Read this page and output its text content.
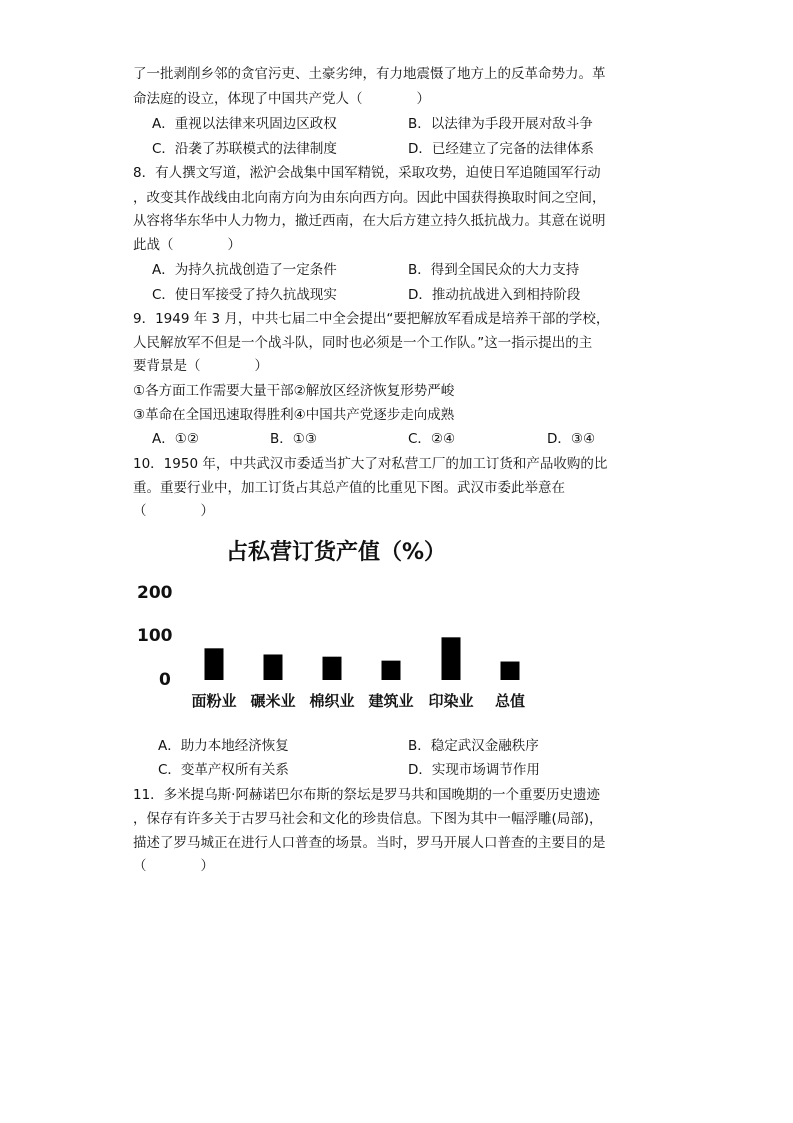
了一批剥削乡邻的贪官污吏、土豪劣绅，有力地震慑了地方上的反革命势力。革
命法庭的设立，体现了中国共产党人（　　　　）
A．重视以法律来巩固边区政权	B．以法律为手段开展对敌斗争
C．沿袭了苏联模式的法律制度	D．已经建立了完备的法律体系
8．有人撰文写道，淞沪会战集中国军精锐，采取攻势，迫使日军追随国军行动
，改变其作战线由北向南方向为由东向西方向。因此中国获得换取时间之空间，
从容将华东华中人力物力，撤迁西南，在大后方建立持久抵抗战力。其意在说明
此战（　　　　）
A．为持久抗战创造了一定条件	B．得到全国民众的大力支持
C．使日军接受了持久抗战现实	D．推动抗战进入到相持阶段
9．1949 年 3 月，中共七届二中全会提出“要把解放军看成是培养干部的学校，
人民解放军不但是一个战斗队，同时也必须是一个工作队。”这一指示提出的主
要背景是（　　　　）
①各方面工作需要大量干部②解放区经济恢复形势严峻
③革命在全国迅速取得胜利④中国共产党逐步走向成熟
A．①②	B．①③	C．②④	D．③④
10．1950 年，中共武汉市委适当扩大了对私营工厂的加工订货和产品收购的比
重。重要行业中，加工订货占其总产值的比重见下图。武汉市委此举意在
（　　　　）
占私营订货产值（%）
200
100
0
面粉业 碾米业 棉织业 建筑业 印染业	总值
A．助力本地经济恢复	B．稳定武汉金融秩序
C．变革产权所有关系	D．实现市场调节作用
11．多米提乌斯·阿赫诺巴尔布斯的祭坛是罗马共和国晚期的一个重要历史遗迹
，保存有许多关于古罗马社会和文化的珍贵信息。下图为其中一幅浮雕(局部)，
描述了罗马城正在进行人口普查的场景。当时，罗马开展人口普查的主要目的是
（　　　　）
